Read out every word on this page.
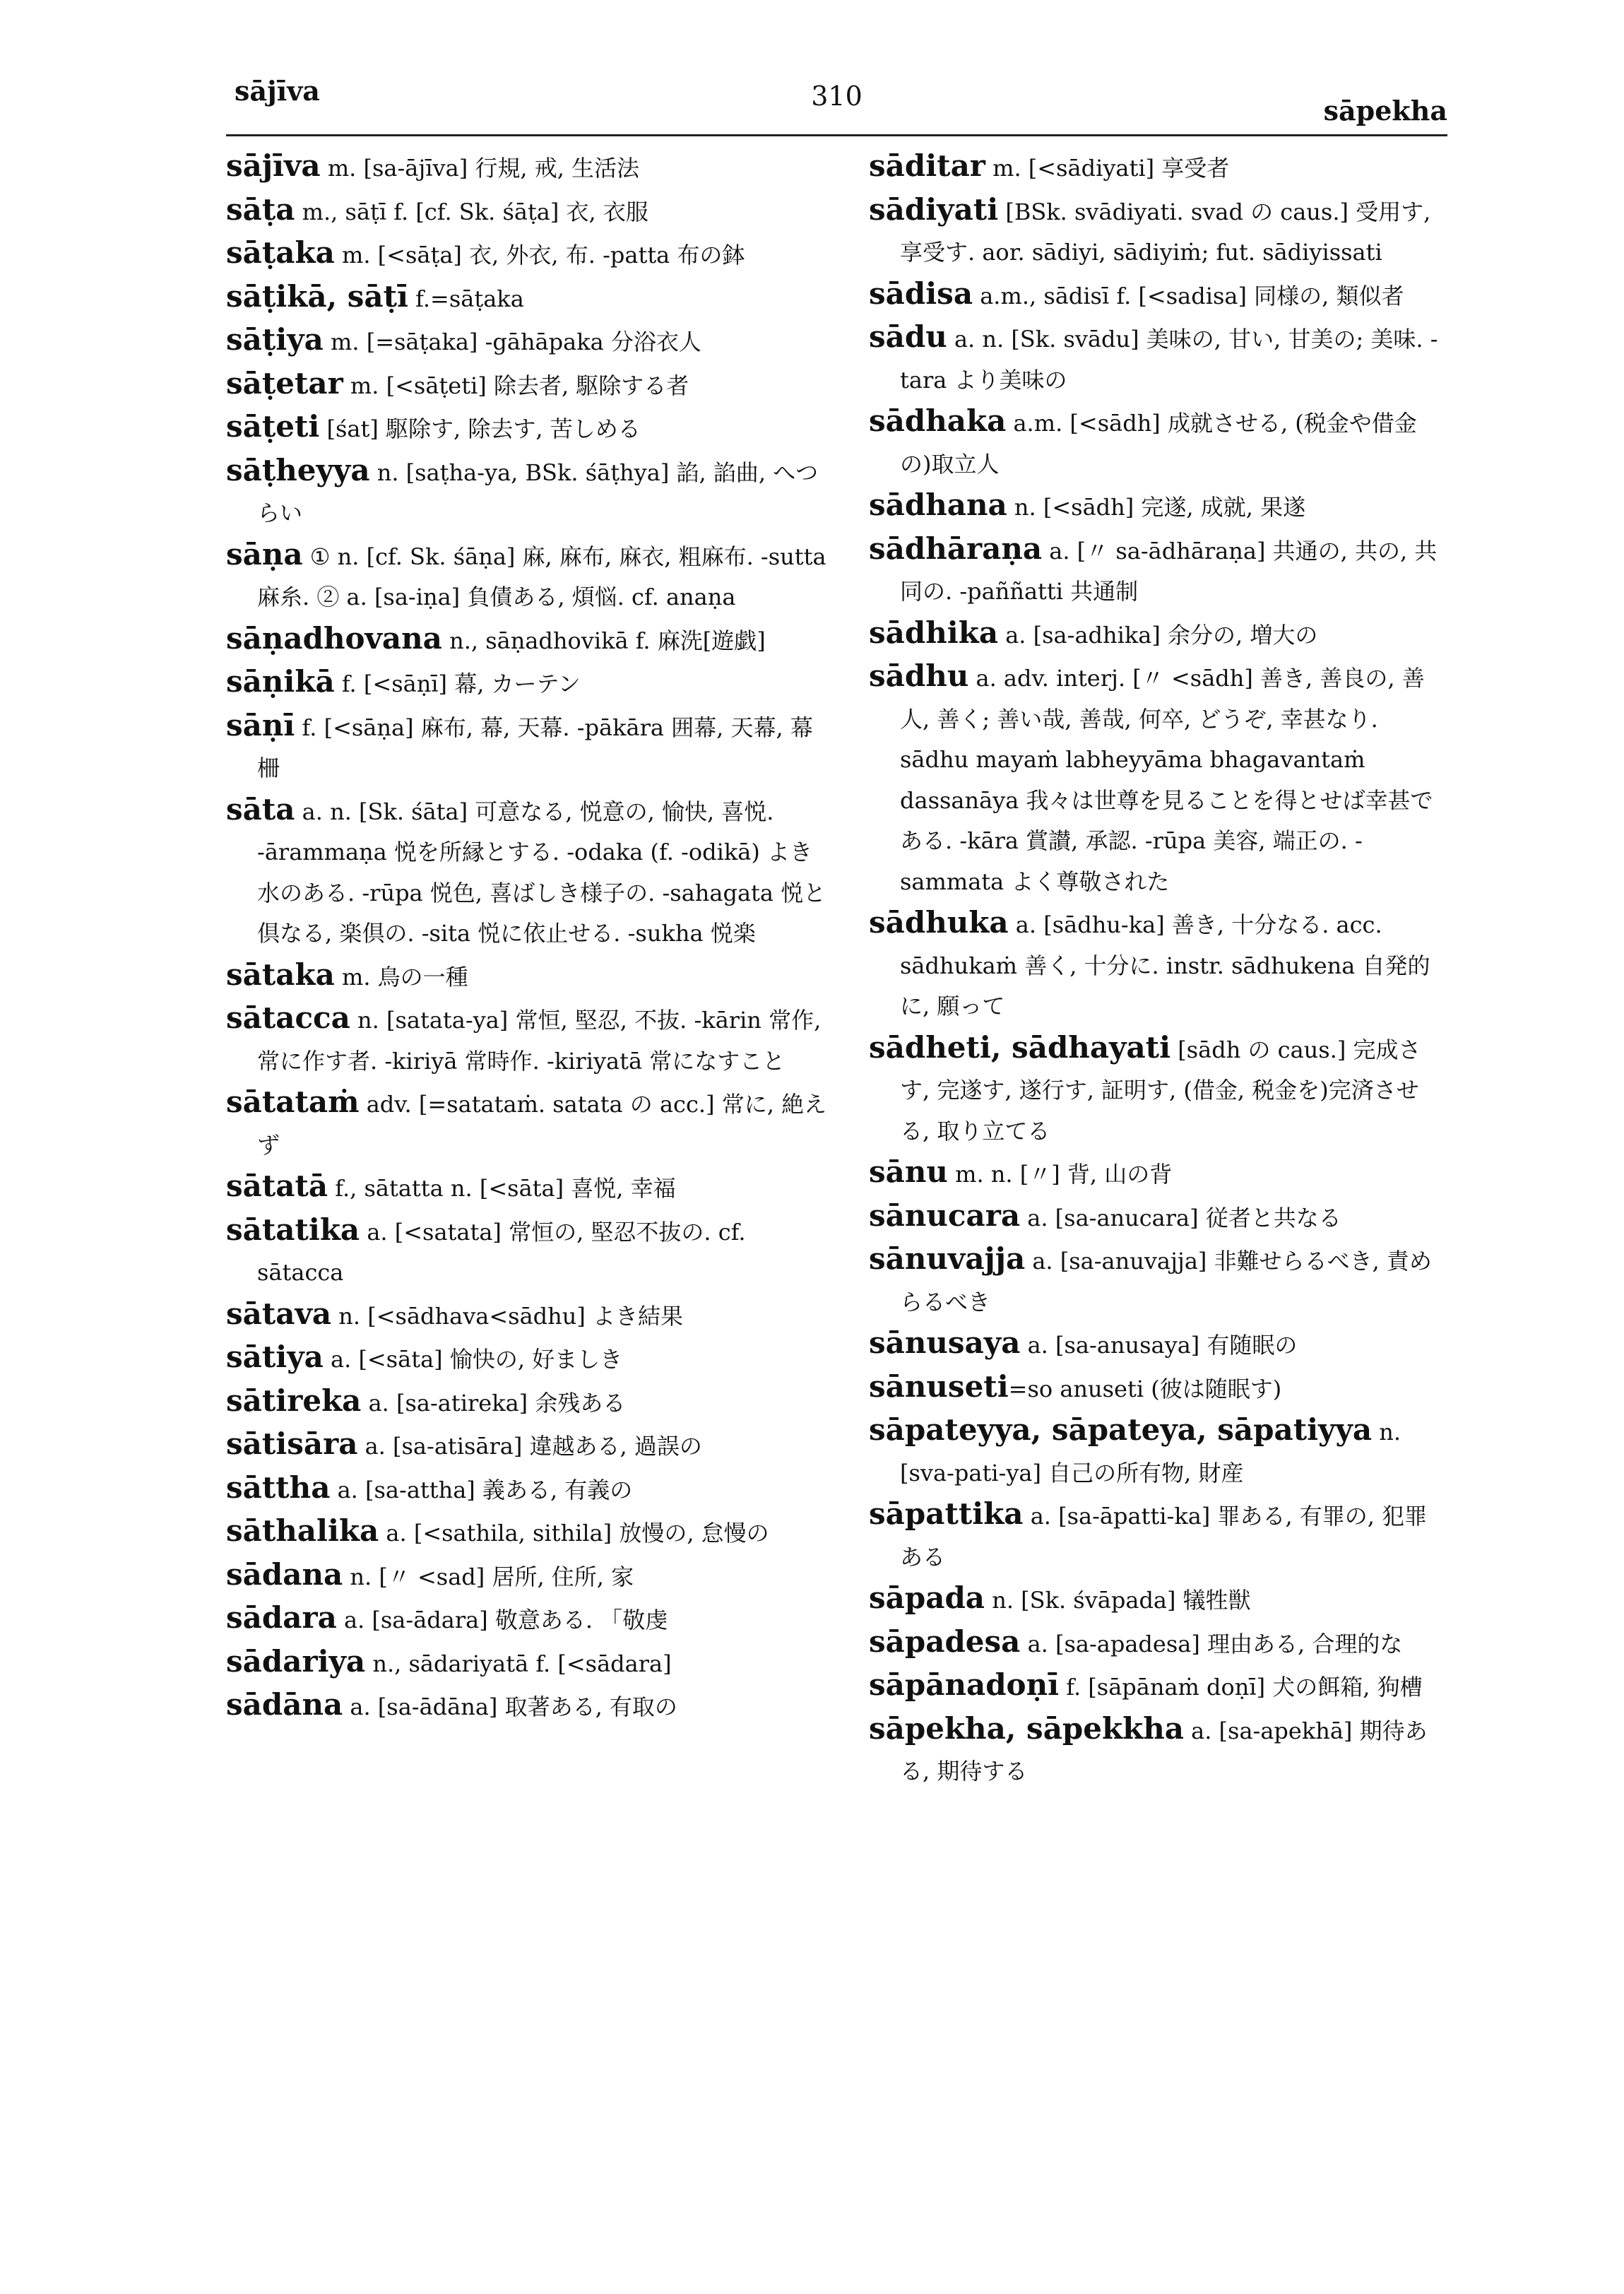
sājīva	310	sāpekha

sājīva m. [sa-ājīva] 行規, 戒, 生活法

sāṭa m., sāṭī f. [cf. Sk. śāṭa] 衣, 衣服

sāṭaka m. [<sāṭa] 衣, 外衣, 布. -patta 布の鉢

sāṭikā, sāṭī f.=sāṭaka

sāṭiya m. [=sāṭaka] -gāhāpaka 分浴衣人

sāṭetar m. [<sāṭeti] 除去者, 駆除する者

sāṭeti [śat] 駆除す, 除去す, 苦しめる

sāṭheyya n. [saṭha-ya, BSk. śāṭhya] 諂, 諂曲, へつらい

sāṇa ① n. [cf. Sk. śāṇa] 麻, 麻布, 麻衣, 粗麻布. -sutta 麻糸. ② a. [sa-iṇa] 負債ある, 煩悩. cf. anaṇa

sāṇadhovana n., sāṇadhovikā f. 麻洗[遊戯]

sāṇikā f. [<sāṇī] 幕, カーテン

sāṇī f. [<sāṇa] 麻布, 幕, 天幕. -pākāra 囲幕, 天幕, 幕柵

sāta a. n. [Sk. śāta] 可意なる, 悦意の, 愉快, 喜悦. -ārammaṇa 悦を所縁とする. -odaka (f. -odikā) よき水のある. -rūpa 悦色, 喜ばしき様子の. -sahagata 悦と倶なる, 楽倶の. -sita 悦に依止せる. -sukha 悦楽

sātaka m. 鳥の一種

sātacca n. [satata-ya] 常恒, 堅忍, 不抜. -kārin 常作, 常に作す者. -kiriyā 常時作. -kiriyatā 常になすこと

sātataṁ adv. [=satataṁ. satata の acc.] 常に, 絶えず

sātatā f., sātatta n. [<sāta] 喜悦, 幸福

sātatika a. [<satata] 常恒の, 堅忍不抜の. cf. sātacca

sātava n. [<sādhava<sādhu] よき結果

sātiya a. [<sāta] 愉快の, 好ましき

sātireka a. [sa-atireka] 余残ある

sātisāra a. [sa-atisāra] 違越ある, 過誤の

sāttha a. [sa-attha] 義ある, 有義の

sāthalika a. [<sathila, sithila] 放慢の, 怠慢の

sādana n. [〃 <sad] 居所, 住所, 家

sādara a. [sa-ādara] 敬意ある. 「敬虔

sādariya n., sādariyatā f. [<sādara]

sādāna a. [sa-ādāna] 取著ある, 有取の

sāditar m. [<sādiyati] 享受者

sādiyati [BSk. svādiyati. svad の caus.] 受用す, 享受す. aor. sādiyi, sādiyiṁ; fut. sādiyissati

sādisa a.m., sādisī f. [<sadisa] 同様の, 類似者

sādu a. n. [Sk. svādu] 美味の, 甘い, 甘美の; 美味. -tara より美味の

sādhaka a.m. [<sādh] 成就させる, (税金や借金の)取立人

sādhana n. [<sādh] 完遂, 成就, 果遂

sādhāraṇa a. [〃 sa-ādhāraṇa] 共通の, 共の, 共同の. -paññatti 共通制

sādhika a. [sa-adhika] 余分の, 増大の

sādhu a. adv. interj. [〃 <sādh] 善き, 善良の, 善人, 善く; 善い哉, 善哉, 何卒, どうぞ, 幸甚なり. sādhu mayaṁ labheyyāma bhagavantaṁ dassanāya 我々は世尊を見ることを得とせば幸甚である. -kāra 賞讃, 承認. -rūpa 美容, 端正の. -sammata よく尊敬された

sādhuka a. [sādhu-ka] 善き, 十分なる. acc. sādhukaṁ 善く, 十分に. instr. sādhukena 自発的に, 願って

sādheti, sādhayati [sādh の caus.] 完成さす, 完遂す, 遂行す, 証明す, (借金, 税金を)完済させる, 取り立てる

sānu m. n. [〃] 背, 山の背

sānucara a. [sa-anucara] 従者と共なる

sānuvajja a. [sa-anuvajja] 非難せらるべき, 責めらるべき

sānusaya a. [sa-anusaya] 有随眠の

sānuseti=so anuseti (彼は随眠す)

sāpateyya, sāpateya, sāpatiyya n. [sva-pati-ya] 自己の所有物, 財産

sāpattika a. [sa-āpatti-ka] 罪ある, 有罪の, 犯罪ある

sāpada n. [Sk. śvāpada] 犠牲獣

sāpadesa a. [sa-apadesa] 理由ある, 合理的な

sāpānadoṇī f. [sāpānaṁ doṇī] 犬の餌箱, 狗槽

sāpekha, sāpekkha a. [sa-apekhā] 期待ある, 期待する
